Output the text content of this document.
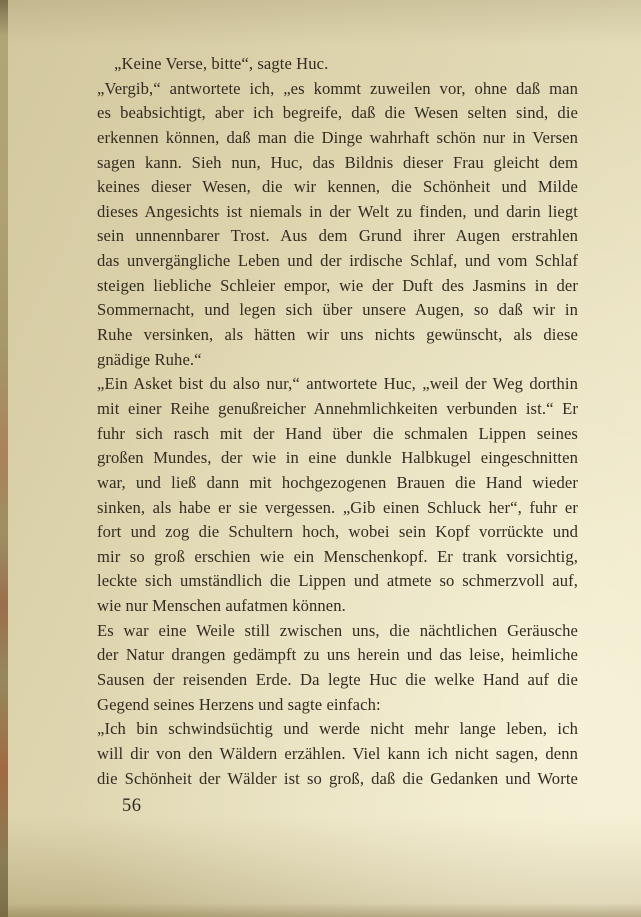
„Keine Verse, bitte“, sagte Huc.
„Vergib,“ antwortete ich, „es kommt zuweilen vor, ohne daß man
es beabsichtigt, aber ich begreife, daß die Wesen selten sind, die
erkennen können, daß man die Dinge wahrhaft schön nur in Versen
sagen kann. Sieh nun, Huc, das Bildnis dieser Frau gleicht dem
keines dieser Wesen, die wir kennen, die Schönheit und Milde
dieses Angesichts ist niemals in der Welt zu finden, und darin liegt
sein unnennbarer Trost. Aus dem Grund ihrer Augen erstrahlen
das unvergängliche Leben und der irdische Schlaf, und vom Schlaf
steigen liebliche Schleier empor, wie der Duft des Jasmins in der
Sommernacht, und legen sich über unsere Augen, so daß wir in
Ruhe versinken, als hätten wir uns nichts gewünscht, als diese
gnädige Ruhe.“
„Ein Asket bist du also nur,“ antwortete Huc, „weil der Weg dorthin
mit einer Reihe genußreicher Annehmlichkeiten verbunden ist.“ Er
fuhr sich rasch mit der Hand über die schmalen Lippen seines
großen Mundes, der wie in eine dunkle Halbkugel eingeschnitten
war, und ließ dann mit hochgezogenen Brauen die Hand wieder
sinken, als habe er sie vergessen. „Gib einen Schluck her“, fuhr er
fort und zog die Schultern hoch, wobei sein Kopf vorrückte und
mir so groß erschien wie ein Menschenkopf. Er trank vorsichtig,
leckte sich umständlich die Lippen und atmete so schmerzvoll auf,
wie nur Menschen aufatmen können.
Es war eine Weile still zwischen uns, die nächtlichen Geräusche
der Natur drangen gedämpft zu uns herein und das leise, heimliche
Sausen der reisenden Erde. Da legte Huc die welke Hand auf die
Gegend seines Herzens und sagte einfach:
„Ich bin schwindsüchtig und werde nicht mehr lange leben, ich
will dir von den Wäldern erzählen. Viel kann ich nicht sagen, denn
die Schönheit der Wälder ist so groß, daß die Gedanken und Worte
56
